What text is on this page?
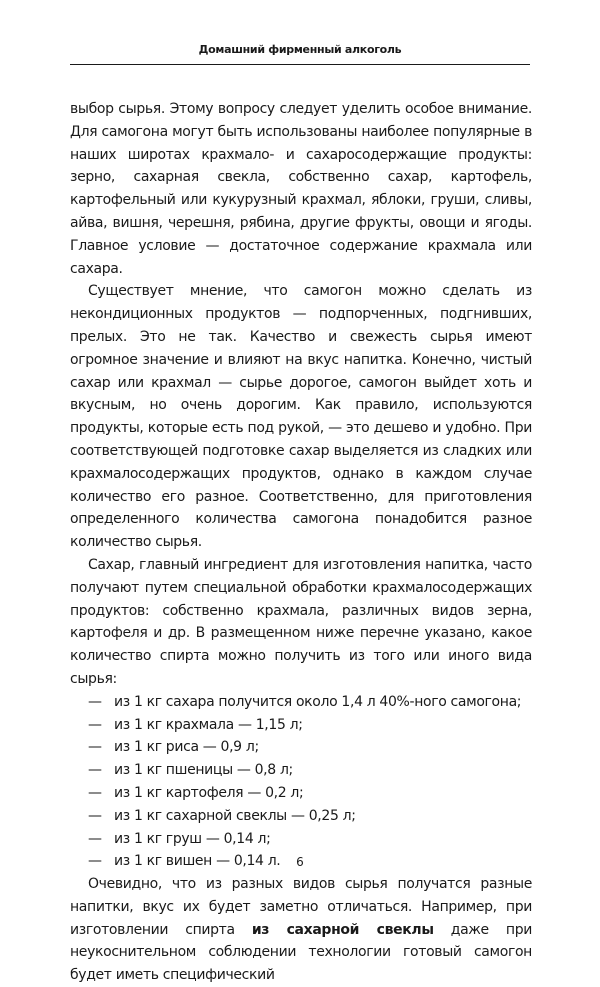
Домашний фирменный алкоголь

выбор сырья. Этому вопросу следует уделить особое внимание. Для самогона могут быть использованы наиболее популярные в наших широтах крахмало- и сахаросодержащие продукты: зерно, сахарная свекла, собственно сахар, картофель, картофельный или кукурузный крахмал, яблоки, груши, сливы, айва, вишня, черешня, рябина, другие фрукты, овощи и ягоды. Главное условие — достаточное содержание крахмала или сахара.

Существует мнение, что самогон можно сделать из некондиционных продуктов — подпорченных, подгнивших, прелых. Это не так. Качество и свежесть сырья имеют огромное значение и влияют на вкус напитка. Конечно, чистый сахар или крахмал — сырье дорогое, самогон выйдет хоть и вкусным, но очень дорогим. Как правило, используются продукты, которые есть под рукой, — это дешево и удобно. При соответствующей подготовке сахар выделяется из сладких или крахмалосодержащих продуктов, однако в каждом случае количество его разное. Соответственно, для приготовления определенного количества самогона понадобится разное количество сырья.

Сахар, главный ингредиент для изготовления напитка, часто получают путем специальной обработки крахмалосодержащих продуктов: собственно крахмала, различных видов зерна, картофеля и др. В размещенном ниже перечне указано, какое количество спирта можно получить из того или иного вида сырья:

— из 1 кг сахара получится около 1,4 л 40%-ного самогона;
— из 1 кг крахмала — 1,15 л;
— из 1 кг риса — 0,9 л;
— из 1 кг пшеницы — 0,8 л;
— из 1 кг картофеля — 0,2 л;
— из 1 кг сахарной свеклы — 0,25 л;
— из 1 кг груш — 0,14 л;
— из 1 кг вишен — 0,14 л.

Очевидно, что из разных видов сырья получатся разные напитки, вкус их будет заметно отличаться. Например, при изготовлении спирта из сахарной свеклы даже при неукоснительном соблюдении технологии готовый самогон будет иметь специфический

6
